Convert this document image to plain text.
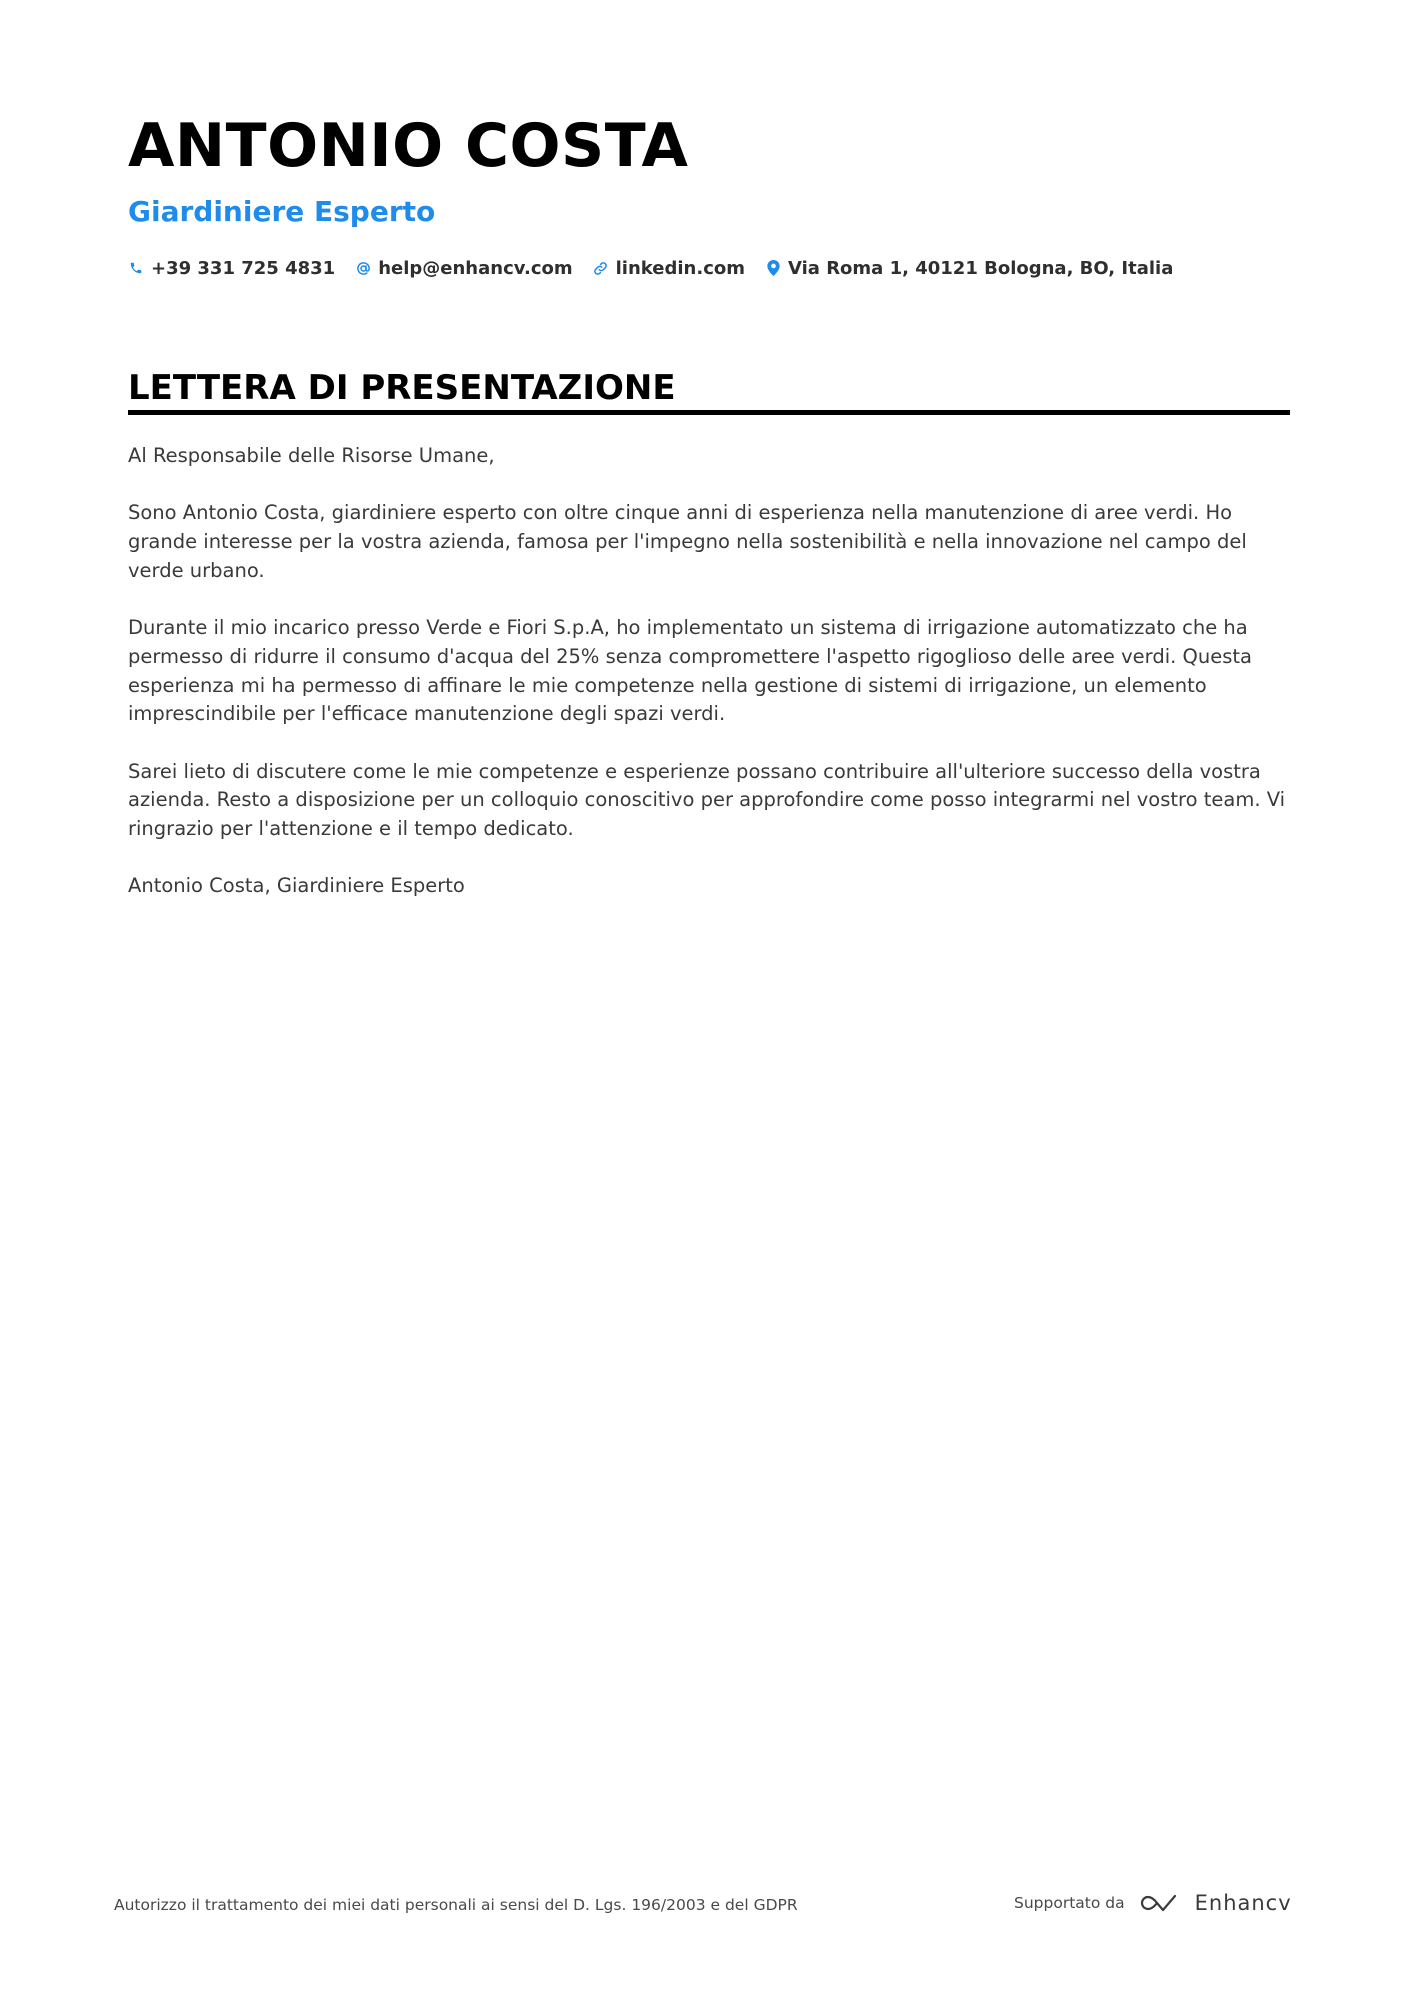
ANTONIO COSTA
Giardiniere Esperto
+39 331 725 4831 help@enhancv.com linkedin.com Via Roma 1, 40121 Bologna, BO, Italia
LETTERA DI PRESENTAZIONE

Al Responsabile delle Risorse Umane,

Sono Antonio Costa, giardiniere esperto con oltre cinque anni di esperienza nella manutenzione di aree verdi. Ho grande interesse per la vostra azienda, famosa per l'impegno nella sostenibilità e nella innovazione nel campo del verde urbano.

Durante il mio incarico presso Verde e Fiori S.p.A, ho implementato un sistema di irrigazione automatizzato che ha permesso di ridurre il consumo d'acqua del 25% senza compromettere l'aspetto rigoglioso delle aree verdi. Questa esperienza mi ha permesso di affinare le mie competenze nella gestione di sistemi di irrigazione, un elemento imprescindibile per l'efficace manutenzione degli spazi verdi.

Sarei lieto di discutere come le mie competenze e esperienze possano contribuire all'ulteriore successo della vostra azienda. Resto a disposizione per un colloquio conoscitivo per approfondire come posso integrarmi nel vostro team. Vi ringrazio per l'attenzione e il tempo dedicato.

Antonio Costa, Giardiniere Esperto

Autorizzo il trattamento dei miei dati personali ai sensi del D. Lgs. 196/2003 e del GDPR	Supportato da	Enhancv
